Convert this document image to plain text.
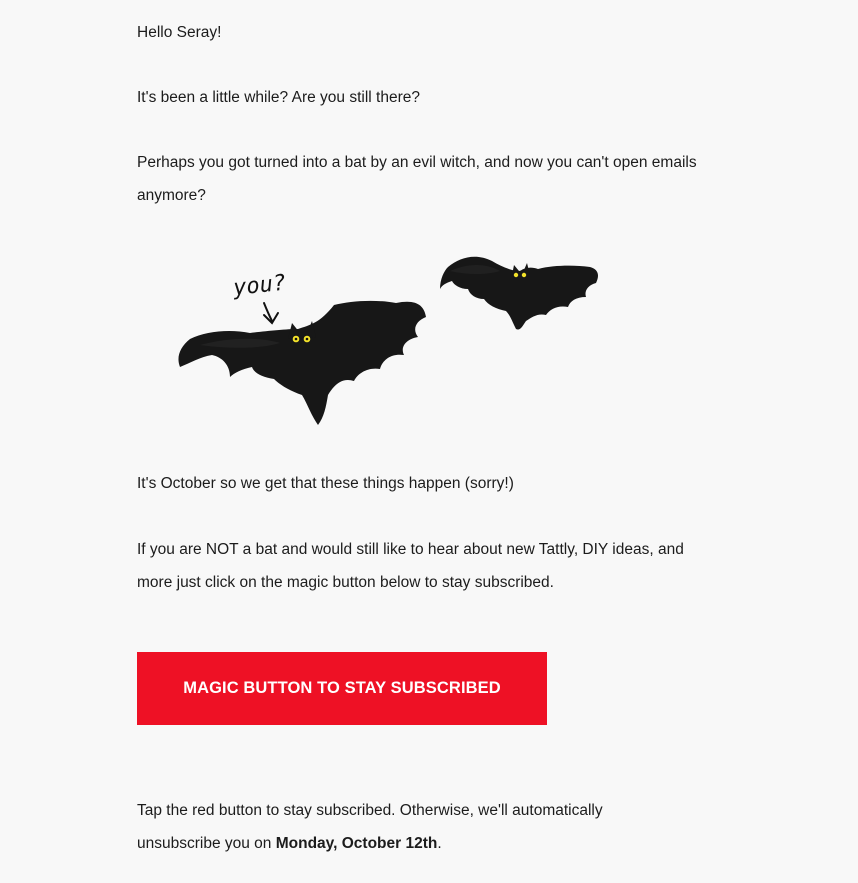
Hello Seray!

It's been a little while? Are you still there?

Perhaps you got turned into a bat by an evil witch, and now you can't open emails anymore?

It's October so we get that these things happen (sorry!)

If you are NOT a bat and would still like to hear about new Tattly, DIY ideas, and more just click on the magic button below to stay subscribed.

MAGIC BUTTON TO STAY SUBSCRIBED

Tap the red button to stay subscribed. Otherwise, we'll automatically unsubscribe you on Monday, October 12th.

you?
